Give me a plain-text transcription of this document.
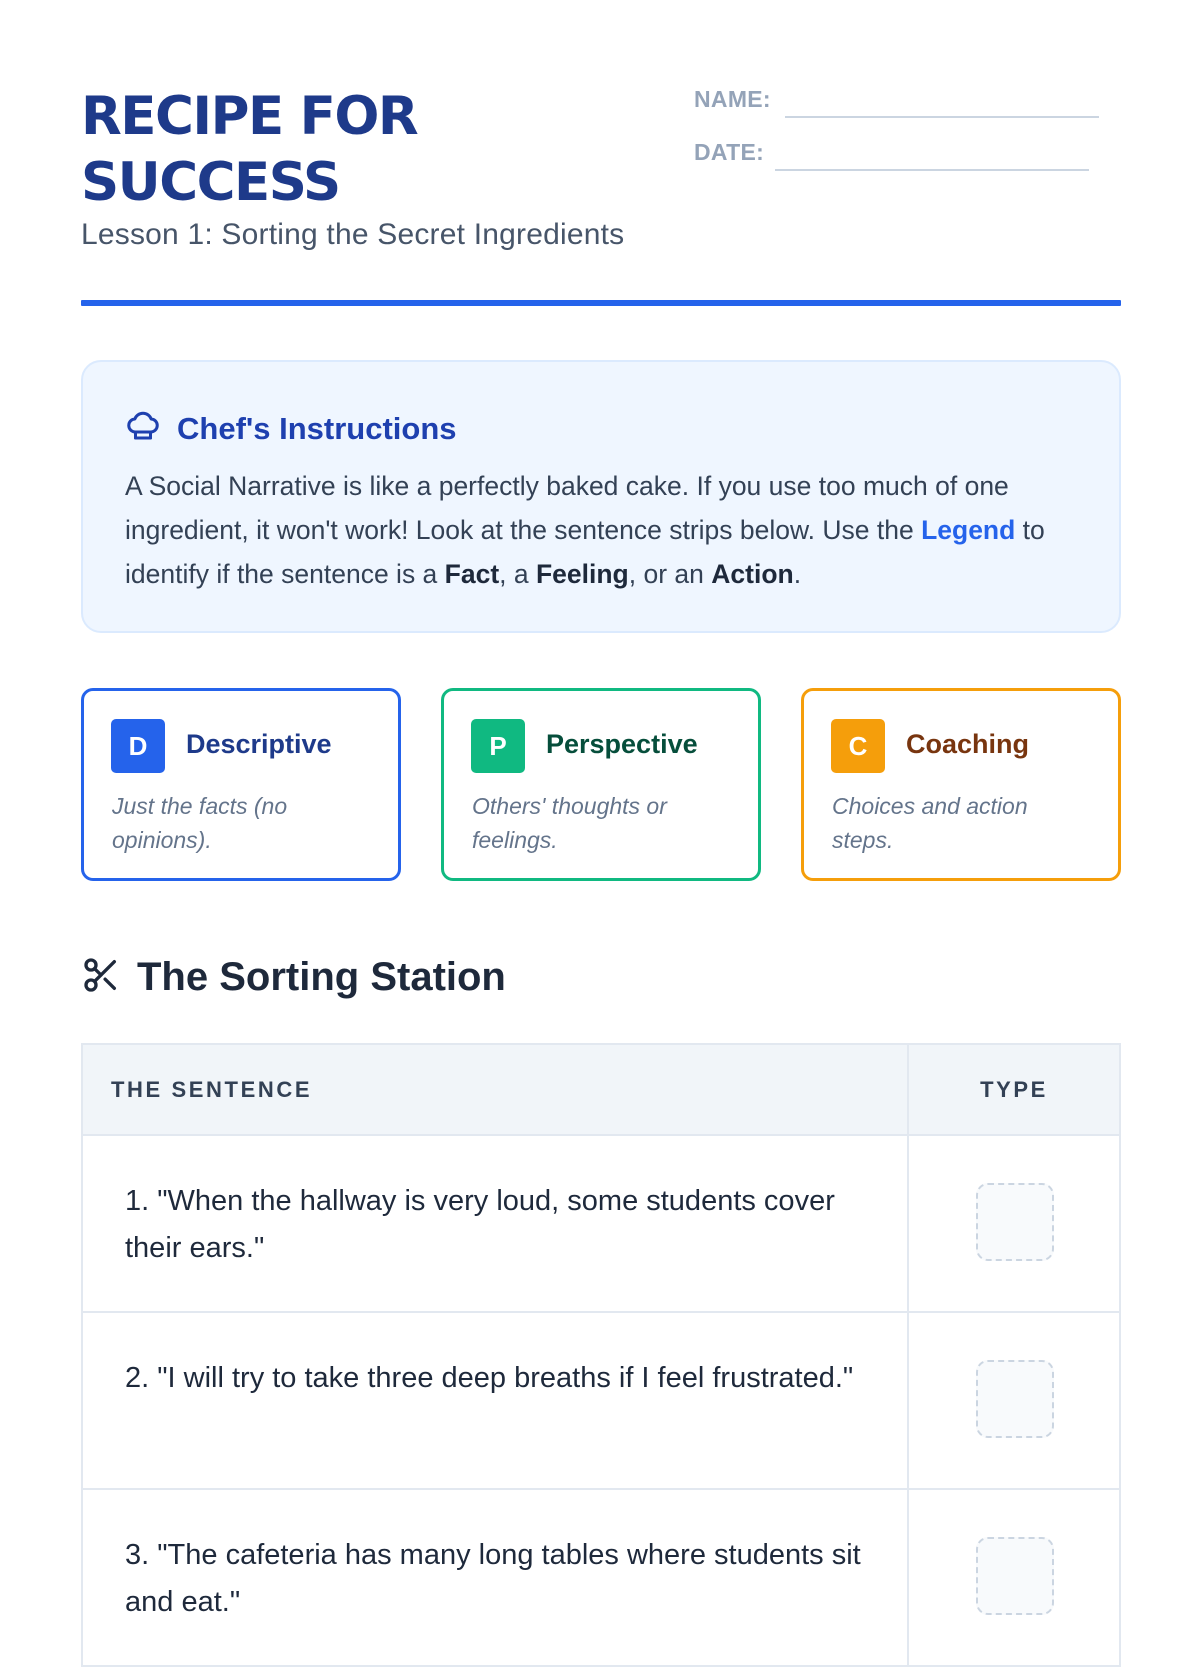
RECIPE FOR
SUCCESS
Lesson 1: Sorting the Secret Ingredients
NAME:
DATE:
Chef's Instructions

A Social Narrative is like a perfectly baked cake. If you use too much of one ingredient, it won't work! Look at the sentence strips below. Use the Legend to identify if the sentence is a Fact, a Feeling, or an Action.

D	Descriptive
Just the facts (no opinions).
P	Perspective
Others' thoughts or feelings.
C	Coaching
Choices and action steps.
The Sorting Station
THE SENTENCE	TYPE
1. "When the hallway is very loud, some students cover their ears."
2. "I will try to take three deep breaths if I feel frustrated."
3. "The cafeteria has many long tables where students sit and eat."
